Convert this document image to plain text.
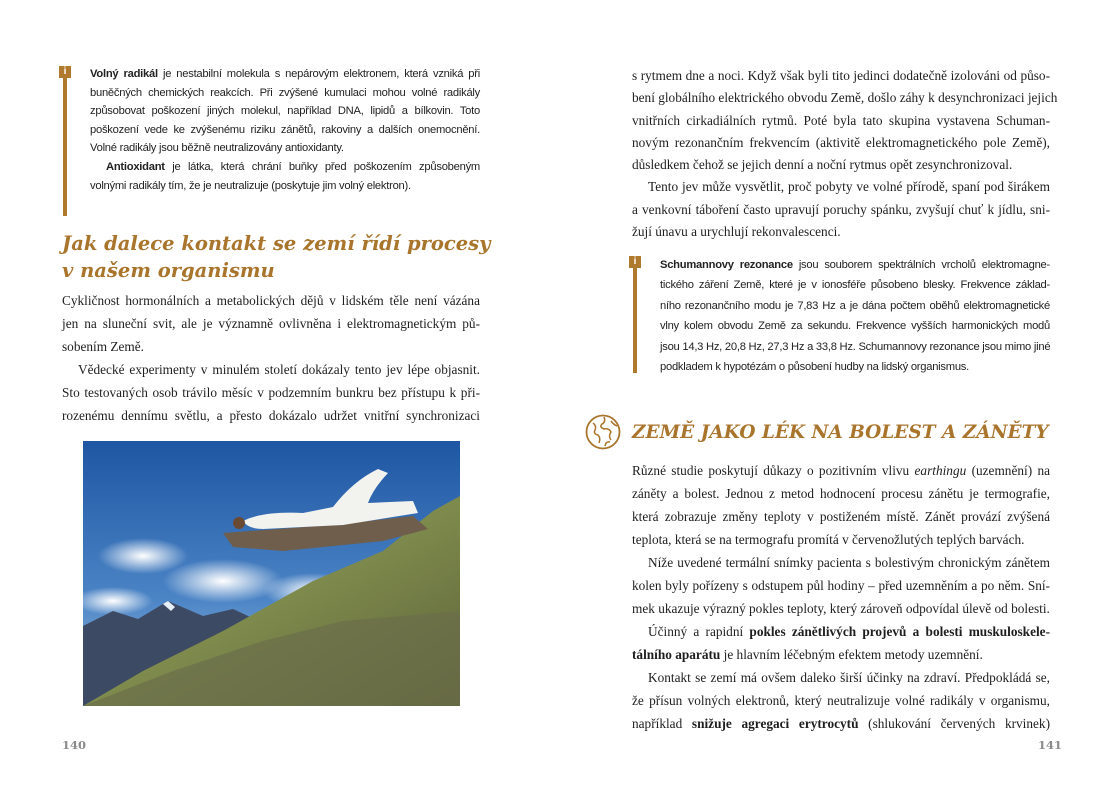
i	Volný radikál je nestabilní molekula s nepárovým elektronem, která vzniká při
buněčných chemických reakcích. Při zvýšené kumulaci mohou volné radikály
způsobovat poškození jiných molekul, například DNA, lipidů a bílkovin. Toto
poškození vede ke zvýšenému riziku zánětů, rakoviny a dalších onemocnění.
Volné radikály jsou běžně neutralizovány antioxidanty.
Antioxidant je látka, která chrání buňky před poškozením způsobeným
volnými radikály tím, že je neutralizuje (poskytuje jim volný elektron).
Jak dalece kontakt se zemí řídí procesy
v našem organismu
Cykličnost hormonálních a metabolických dějů v lidském těle není vázána
jen na sluneční svit, ale je významně ovlivněna i elektromagnetickým pů-
sobením Země.
Vědecké experimenty v minulém století dokázaly tento jev lépe objasnit.
Sto testovaných osob trávilo měsíc v podzemním bunkru bez přístupu k při-
rozenému dennímu světlu, a přesto dokázalo udržet vnitřní synchronizaci
140
s rytmem dne a noci. Když však byli tito jedinci dodatečně izolováni od půso-
bení globálního elektrického obvodu Země, došlo záhy k desynchronizaci jejich
vnitřních cirkadiálních rytmů. Poté byla tato skupina vystavena Schuman-
novým rezonančním frekvencím (aktivitě elektromagnetického pole Země),
důsledkem čehož se jejich denní a noční rytmus opět zesynchronizoval.
Tento jev může vysvětlit, proč pobyty ve volné přírodě, spaní pod širákem
a venkovní táboření často upravují poruchy spánku, zvyšují chuť k jídlu, sni-
žují únavu a urychlují rekonvalescenci.
i	Schumannovy rezonance jsou souborem spektrálních vrcholů elektromagne-
tického záření Země, které je v ionosféře působeno blesky. Frekvence základ-
ního rezonančního modu je 7,83 Hz a je dána počtem oběhů elektromagnetické
vlny kolem obvodu Země za sekundu. Frekvence vyšších harmonických modů
jsou 14,3 Hz, 20,8 Hz, 27,3 Hz a 33,8 Hz. Schumannovy rezonance jsou mimo jiné
podkladem k hypotézám o působení hudby na lidský organismus.
ZEMĚ JAKO LÉK NA BOLEST A ZÁNĚTY
Různé studie poskytují důkazy o pozitivním vlivu earthingu (uzemnění) na
záněty a bolest. Jednou z metod hodnocení procesu zánětu je termografie,
která zobrazuje změny teploty v postiženém místě. Zánět provází zvýšená
teplota, která se na termografu promítá v červenožlutých teplých barvách.
Níže uvedené termální snímky pacienta s bolestivým chronickým zánětem
kolen byly pořízeny s odstupem půl hodiny – před uzemněním a po něm. Sní-
mek ukazuje výrazný pokles teploty, který zároveň odpovídal úlevě od bolesti.
Účinný a rapidní pokles zánětlivých projevů a bolesti muskuloskele-
tálního aparátu je hlavním léčebným efektem metody uzemnění.
Kontakt se zemí má ovšem daleko širší účinky na zdraví. Předpokládá se,
že přísun volných elektronů, který neutralizuje volné radikály v organismu,
například snižuje agregaci erytrocytů (shlukování červených krvinek)
141
